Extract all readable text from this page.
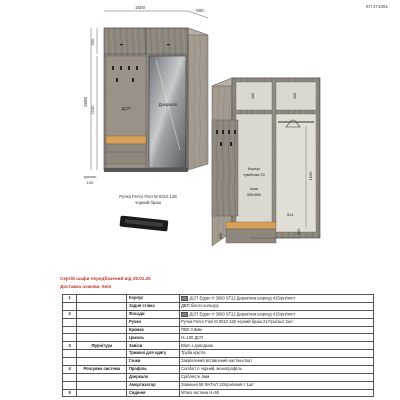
КП 271091
1500
600
2600
500
2100
цоколь
100
ДСП
Дзеркало
1550
314
450
800
400	400
Корпус
тумбочка 20
ніша
300x550
Ручка Fenro Fiori М 0010 128
чорний браш
Сертій шафи передбачений від 29.01.25
Доставка існкова- 6ein
1		Корпус	ДСП Egger H 3090 ST22 Дерев'яна шорнуд 415грн/лист
		Задня стінка	ДВП білого кольору
2		Фасади	ДСП Egger H 3090 ST22 Дерев'яна шорнуд 415грн/лист
		Ручки	Ручка Fenro Fiori М 0010 128 чорний браш 217грн/1шт 2шт
		Кромка	ПВХ 0,8мм
		Цоколь	Н=100 ДСП
3	Фурнітура	Завіси	Blum з доводкою
		Тримачі для одягу	Труба кругла
		Гачки	Закріплений вставлений настінні 5шт
4	Розсувна система	Профіль	Comfort А чорний, монопрофіль
		Дзеркало	Сріблясте 4мм
		Амортизатор	Зовнішні 55 ФАТАЛ 125грн/комп-т 1шт
5		Сидіння	М'яка частина Н=50
